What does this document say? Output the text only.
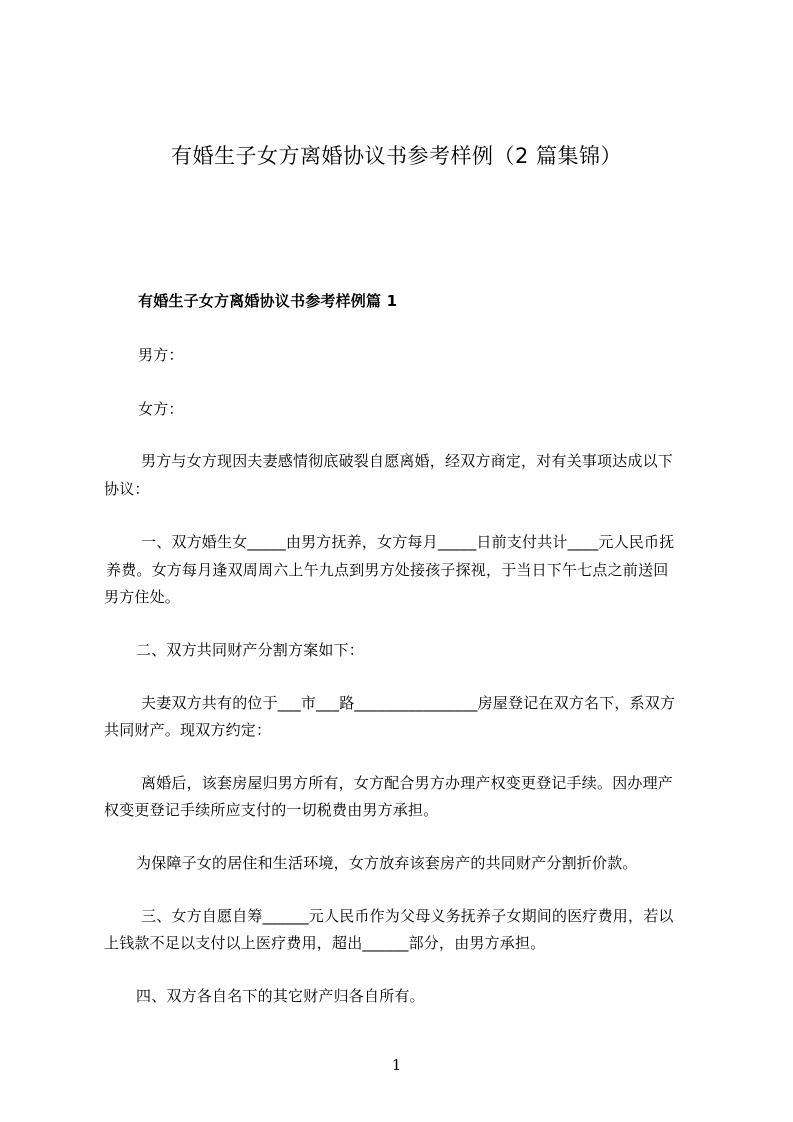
有婚生子女方离婚协议书参考样例（2 篇集锦）
有婚生子女方离婚协议书参考样例篇 1
男方：
女方：
男方与女方现因夫妻感情彻底破裂自愿离婚，经双方商定，对有关事项达成以下
协议：
一、双方婚生女_____由男方抚养，女方每月_____日前支付共计____元人民币抚
养费。女方每月逢双周周六上午九点到男方处接孩子探视，于当日下午七点之前送回
男方住处。
二、双方共同财产分割方案如下：
夫妻双方共有的位于___市___路________________房屋登记在双方名下，系双方
共同财产。现双方约定：
离婚后，该套房屋归男方所有，女方配合男方办理产权变更登记手续。因办理产
权变更登记手续所应支付的一切税费由男方承担。
为保障子女的居住和生活环境，女方放弃该套房产的共同财产分割折价款。
三、女方自愿自筹______元人民币作为父母义务抚养子女期间的医疗费用，若以
上钱款不足以支付以上医疗费用，超出______部分，由男方承担。
四、双方各自名下的其它财产归各自所有。
1
